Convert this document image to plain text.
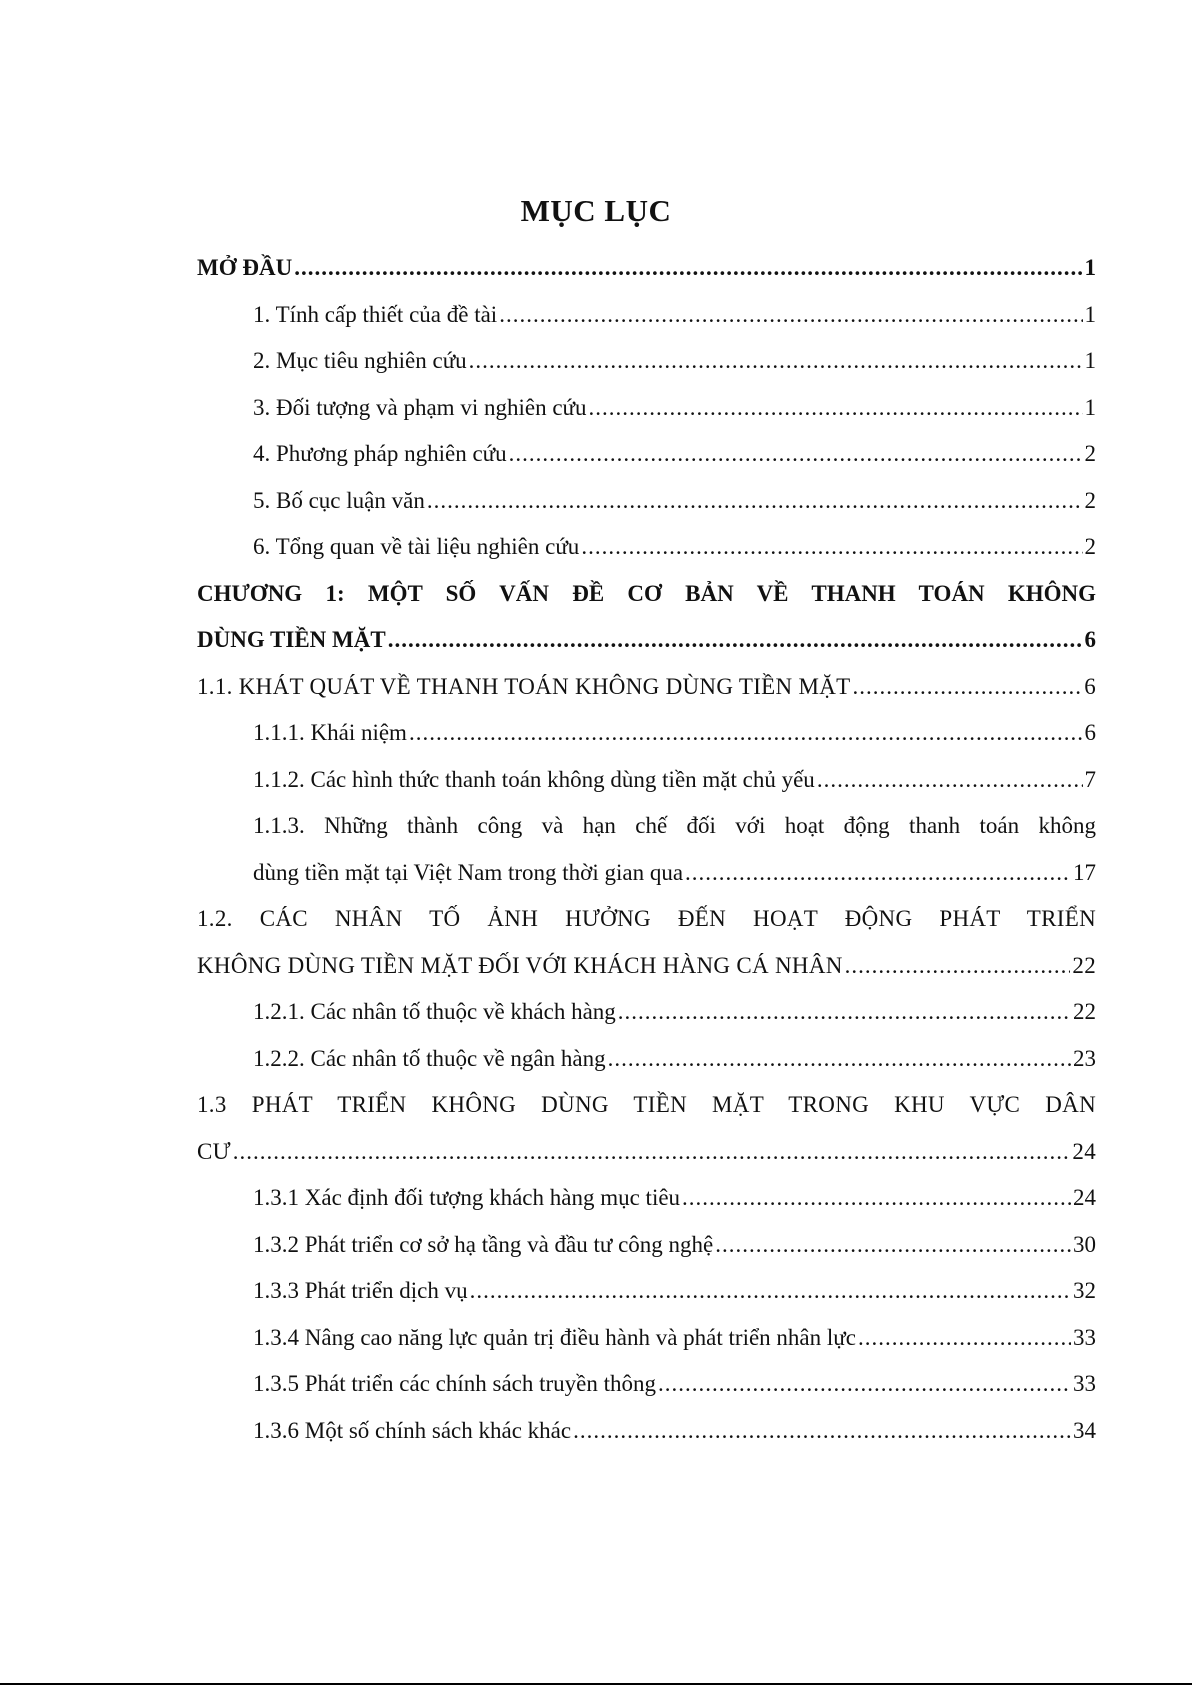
MỤC LỤC
MỞ ĐẦU .....	1
1. Tính cấp thiết của đề tài .....	1
2. Mục tiêu nghiên cứu .....	1
3. Đối tượng và phạm vi nghiên cứu .....	1
4. Phương pháp nghiên cứu .....	2
5. Bố cục luận văn .....	2
6. Tổng quan về tài liệu nghiên cứu .....	2
CHƯƠNG 1: MỘT SỐ VẤN ĐỀ CƠ BẢN VỀ THANH TOÁN KHÔNG
DÙNG TIỀN MẶT .....	6
1.1. KHÁT QUÁT VỀ THANH TOÁN KHÔNG DÙNG TIỀN MẶT .....	6
1.1.1. Khái niệm .....	6
1.1.2. Các hình thức thanh toán không dùng tiền mặt chủ yếu .....	7
1.1.3. Những thành công và hạn chế đối với hoạt động thanh toán không
dùng tiền mặt tại Việt Nam trong thời gian qua .....	17
1.2. CÁC NHÂN TỐ ẢNH HƯỞNG ĐẾN HOẠT ĐỘNG PHÁT TRIỂN
KHÔNG DÙNG TIỀN MẶT ĐỐI VỚI KHÁCH HÀNG CÁ NHÂN .....	22
1.2.1. Các nhân tố thuộc về khách hàng .....	22
1.2.2. Các nhân tố thuộc về ngân hàng .....	23
1.3 PHÁT TRIỂN KHÔNG DÙNG TIỀN MẶT TRONG KHU VỰC DÂN
CƯ .....	24
1.3.1 Xác định đối tượng khách hàng mục tiêu .....	24
1.3.2 Phát triển cơ sở hạ tầng và đầu tư công nghệ .....	30
1.3.3 Phát triển dịch vụ .....	32
1.3.4 Nâng cao năng lực quản trị điều hành và phát triển nhân lực .....	33
1.3.5 Phát triển các chính sách truyền thông .....	33
1.3.6 Một số chính sách khác khác .....	34
